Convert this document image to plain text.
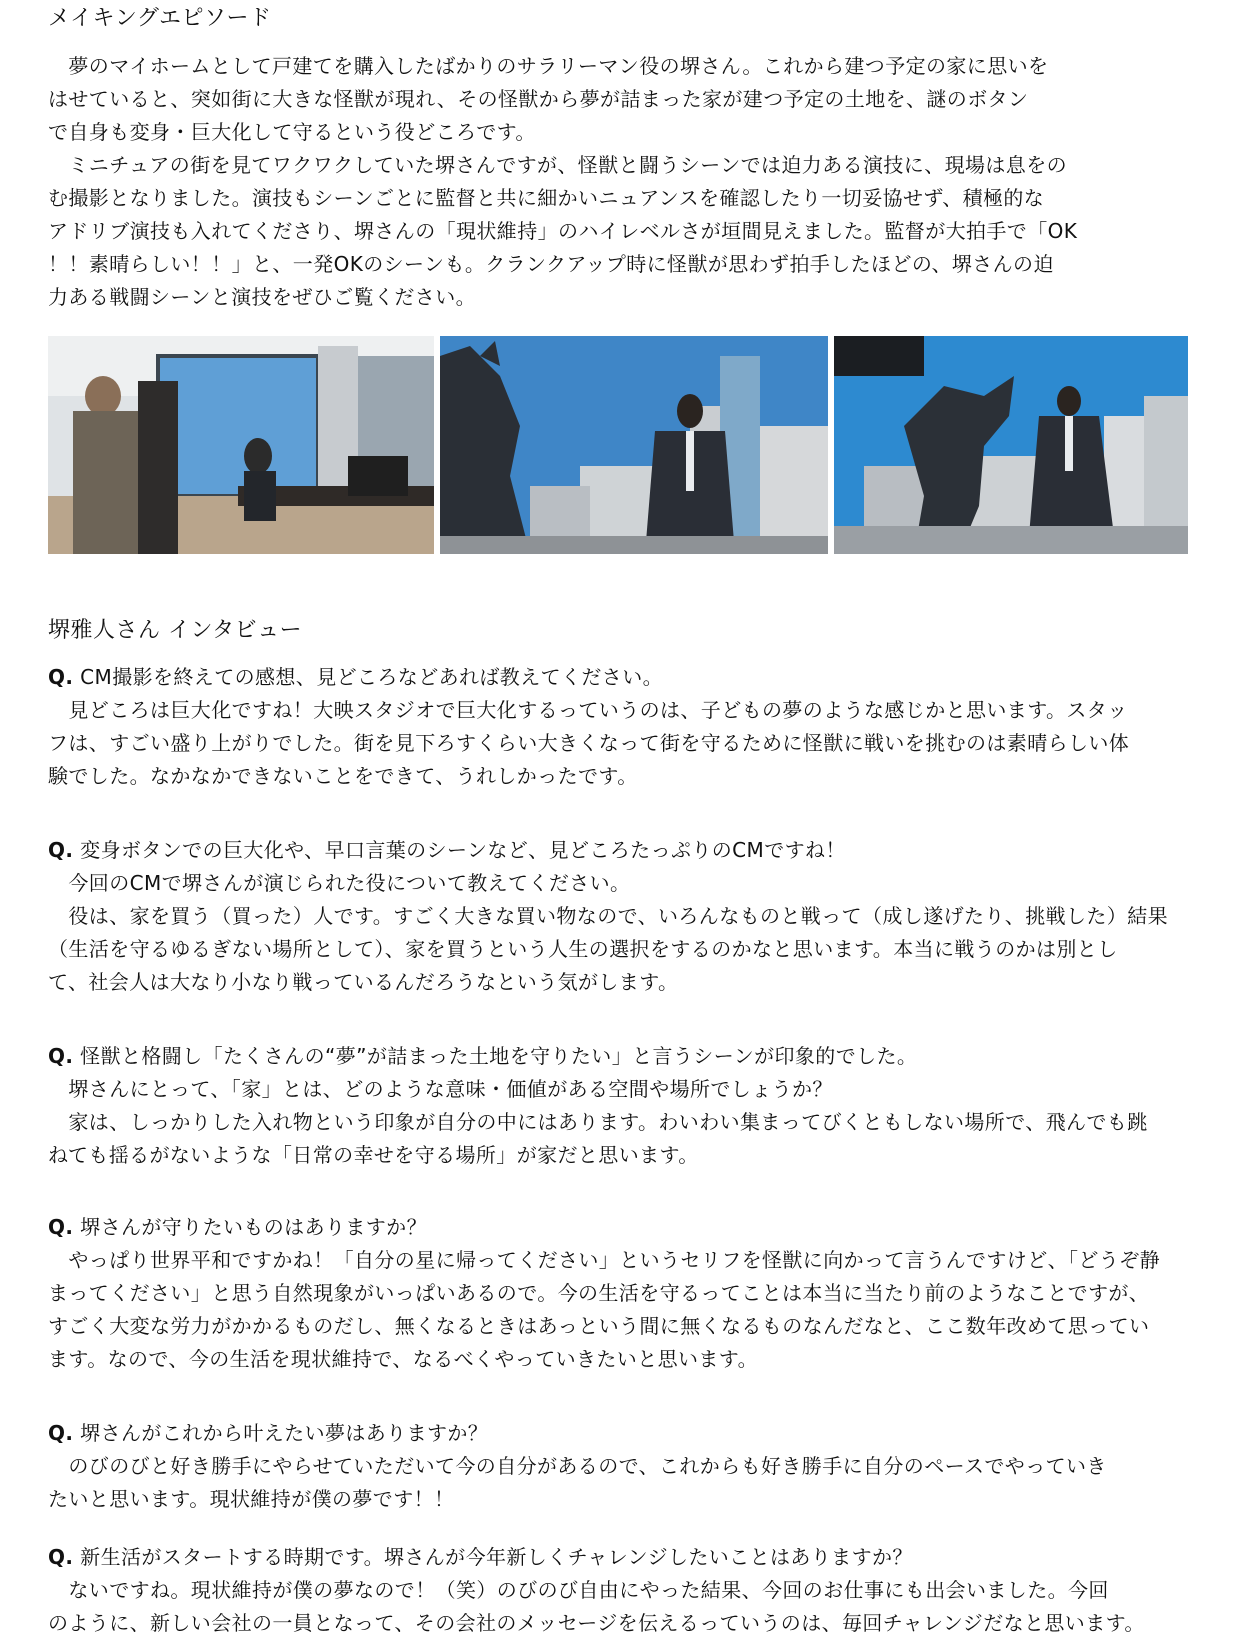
メイキングエピソード
　夢のマイホームとして戸建てを購入したばかりのサラリーマン役の堺さん。これから建つ予定の家に思いを
はせていると、突如街に大きな怪獣が現れ、その怪獣から夢が詰まった家が建つ予定の土地を、謎のボタン
で自身も変身・巨大化して守るという役どころです。
　ミニチュアの街を見てワクワクしていた堺さんですが、怪獣と闘うシーンでは迫力ある演技に、現場は息をの
む撮影となりました。演技もシーンごとに監督と共に細かいニュアンスを確認したり一切妥協せず、積極的な
アドリブ演技も入れてくださり、堺さんの「現状維持」のハイレベルさが垣間見えました。監督が大拍手で「OK
！！素晴らしい！！」と、一発OKのシーンも。クランクアップ時に怪獣が思わず拍手したほどの、堺さんの迫
力ある戦闘シーンと演技をぜひご覧ください。
堺雅人さん インタビュー
Q. CM撮影を終えての感想、見どころなどあれば教えてください。
　見どころは巨大化ですね！大映スタジオで巨大化するっていうのは、子どもの夢のような感じかと思います。スタッ
フは、すごい盛り上がりでした。街を見下ろすくらい大きくなって街を守るために怪獣に戦いを挑むのは素晴らしい体
験でした。なかなかできないことをできて、うれしかったです。
Q. 変身ボタンでの巨大化や、早口言葉のシーンなど、見どころたっぷりのCMですね！
　今回のCMで堺さんが演じられた役について教えてください。
　役は、家を買う（買った）人です。すごく大きな買い物なので、いろんなものと戦って（成し遂げたり、挑戦した）結果
（生活を守るゆるぎない場所として）、家を買うという人生の選択をするのかなと思います。本当に戦うのかは別とし
て、社会人は大なり小なり戦っているんだろうなという気がします。
Q. 怪獣と格闘し「たくさんの“夢”が詰まった土地を守りたい」と言うシーンが印象的でした。
　堺さんにとって、「家」とは、どのような意味・価値がある空間や場所でしょうか？
　家は、しっかりした入れ物という印象が自分の中にはあります。わいわい集まってびくともしない場所で、飛んでも跳
ねても揺るがないような「日常の幸せを守る場所」が家だと思います。
Q. 堺さんが守りたいものはありますか？
　やっぱり世界平和ですかね！「自分の星に帰ってください」というセリフを怪獣に向かって言うんですけど、「どうぞ静
まってください」と思う自然現象がいっぱいあるので。今の生活を守るってことは本当に当たり前のようなことですが、
すごく大変な労力がかかるものだし、無くなるときはあっという間に無くなるものなんだなと、ここ数年改めて思ってい
ます。なので、今の生活を現状維持で、なるべくやっていきたいと思います。
Q. 堺さんがこれから叶えたい夢はありますか？
　のびのびと好き勝手にやらせていただいて今の自分があるので、これからも好き勝手に自分のペースでやっていき
たいと思います。現状維持が僕の夢です！！
Q. 新生活がスタートする時期です。堺さんが今年新しくチャレンジしたいことはありますか？
　ないですね。現状維持が僕の夢なので！（笑）のびのび自由にやった結果、今回のお仕事にも出会いました。今回
のように、新しい会社の一員となって、その会社のメッセージを伝えるっていうのは、毎回チャレンジだなと思います。
